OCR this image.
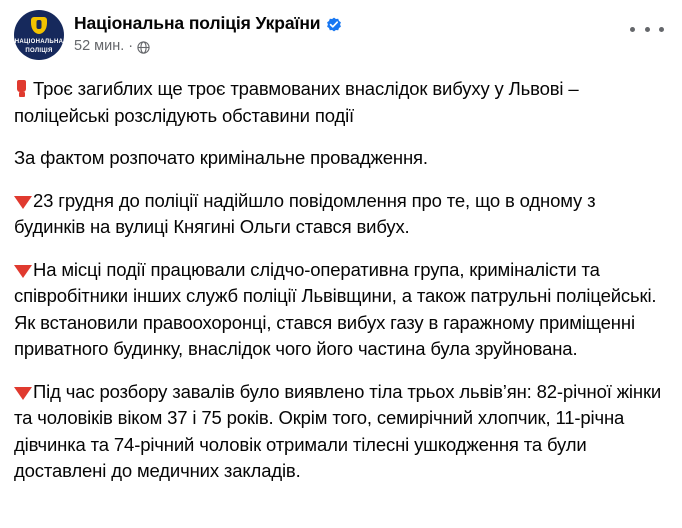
НАЦІОНАЛЬНА
ПОЛІЦІЯ
Національна поліція України
52 мин. ·

Троє загиблих ще троє травмованих внаслідок вибуху у Львові – поліцейські розслідують обставини події

За фактом розпочато кримінальне провадження.

23 грудня до поліції надійшло повідомлення про те, що в одному з будинків на вулиці Княгині Ольги стався вибух.

На місці події працювали слідчо-оперативна група, криміналісти та співробітники інших служб поліції Львівщини, а також патрульні поліцейські. Як встановили правоохоронці, стався вибух газу в гаражному приміщенні приватного будинку, внаслідок чого його частина була зруйнована.

Під час розбору завалів було виявлено тіла трьох львів’ян: 82-річної жінки та чоловіків віком 37 і 75 років. Окрім того, семирічний хлопчик, 11-річна дівчинка та 74-річний чоловік отримали тілесні ушкодження та були доставлені до медичних закладів.
